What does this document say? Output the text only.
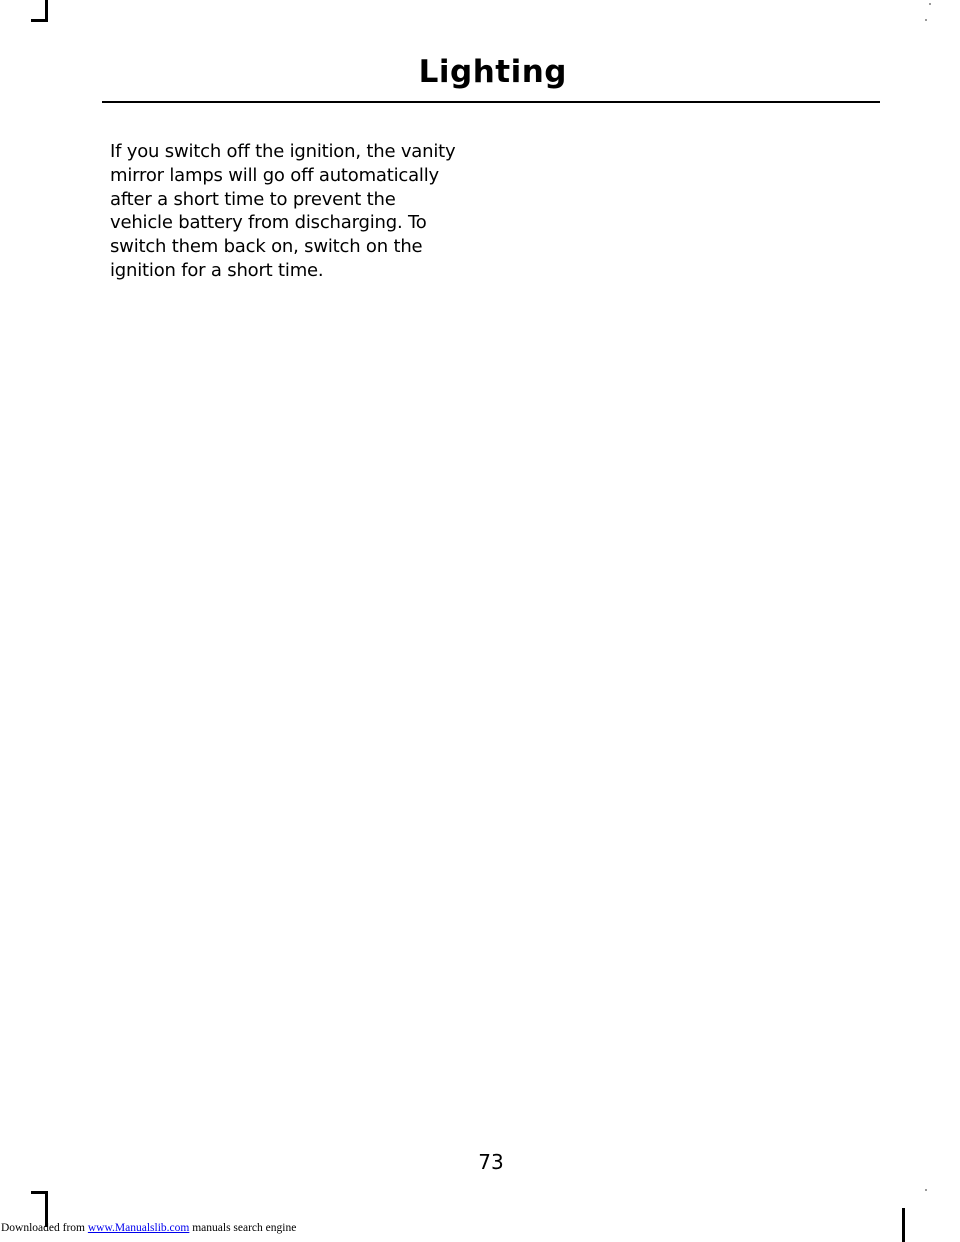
Lighting
If you switch off the ignition, the vanity
mirror lamps will go off automatically
after a short time to prevent the
vehicle battery from discharging. To
switch them back on, switch on the
ignition for a short time.
73
Downloaded from www.Manualslib.com manuals search engine
